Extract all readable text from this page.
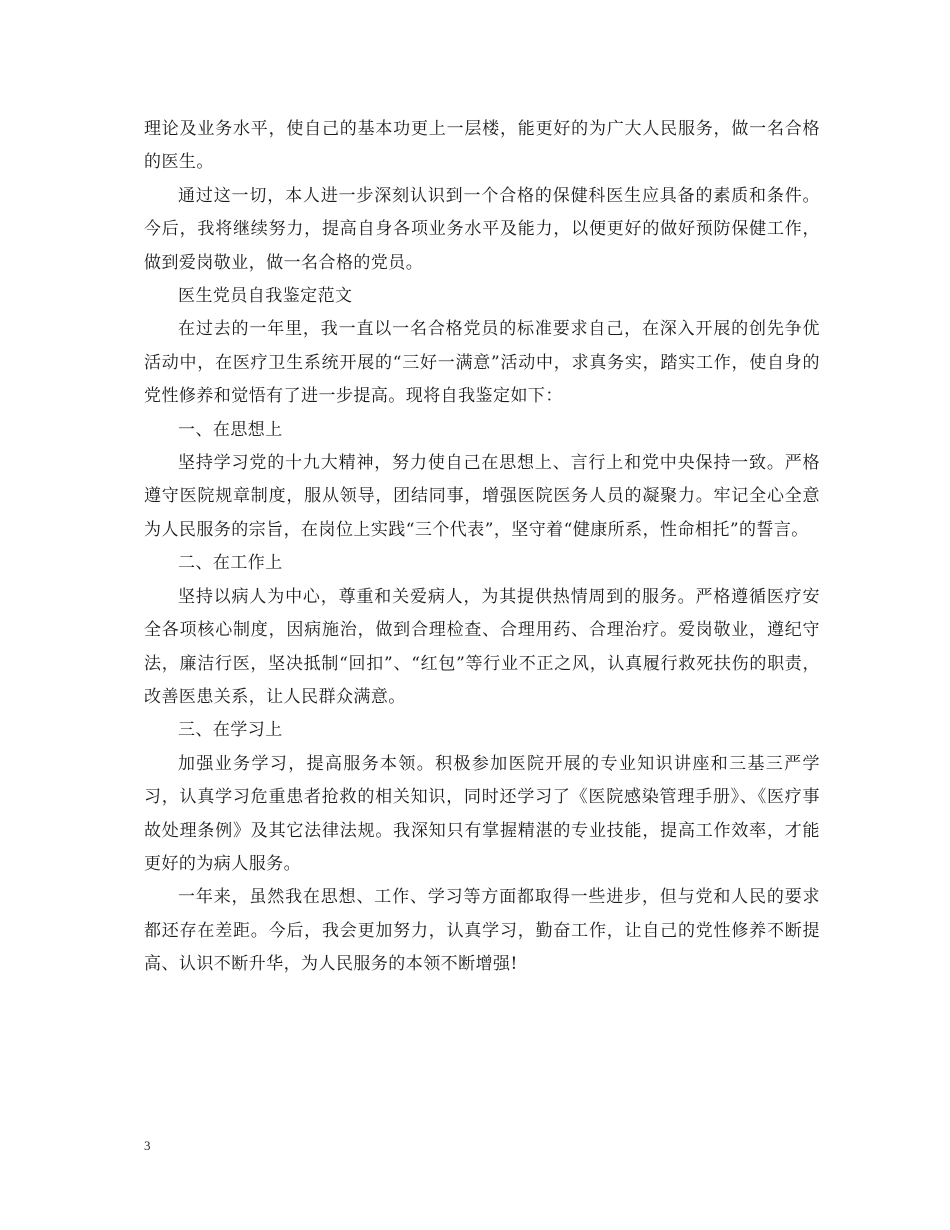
理论及业务水平，使自己的基本功更上一层楼，能更好的为广大人民服务，做一名合格的医生。

通过这一切，本人进一步深刻认识到一个合格的保健科医生应具备的素质和条件。今后，我将继续努力，提高自身各项业务水平及能力，以便更好的做好预防保健工作，做到爱岗敬业，做一名合格的党员。

医生党员自我鉴定范文

在过去的一年里，我一直以一名合格党员的标准要求自己，在深入开展的创先争优活动中，在医疗卫生系统开展的“三好一满意”活动中，求真务实，踏实工作，使自身的党性修养和觉悟有了进一步提高。现将自我鉴定如下：

一、在思想上

坚持学习党的十九大精神，努力使自己在思想上、言行上和党中央保持一致。严格遵守医院规章制度，服从领导，团结同事，增强医院医务人员的凝聚力。牢记全心全意为人民服务的宗旨，在岗位上实践“三个代表”，坚守着“健康所系，性命相托”的誓言。

二、在工作上

坚持以病人为中心，尊重和关爱病人，为其提供热情周到的服务。严格遵循医疗安全各项核心制度，因病施治，做到合理检查、合理用药、合理治疗。爱岗敬业，遵纪守法，廉洁行医，坚决抵制“回扣”、“红包”等行业不正之风，认真履行救死扶伤的职责，改善医患关系，让人民群众满意。

三、在学习上

加强业务学习，提高服务本领。积极参加医院开展的专业知识讲座和三基三严学习，认真学习危重患者抢救的相关知识，同时还学习了《医院感染管理手册》、《医疗事故处理条例》及其它法律法规。我深知只有掌握精湛的专业技能，提高工作效率，才能更好的为病人服务。

一年来，虽然我在思想、工作、学习等方面都取得一些进步，但与党和人民的要求都还存在差距。今后，我会更加努力，认真学习，勤奋工作，让自己的党性修养不断提高、认识不断升华，为人民服务的本领不断增强!

3
